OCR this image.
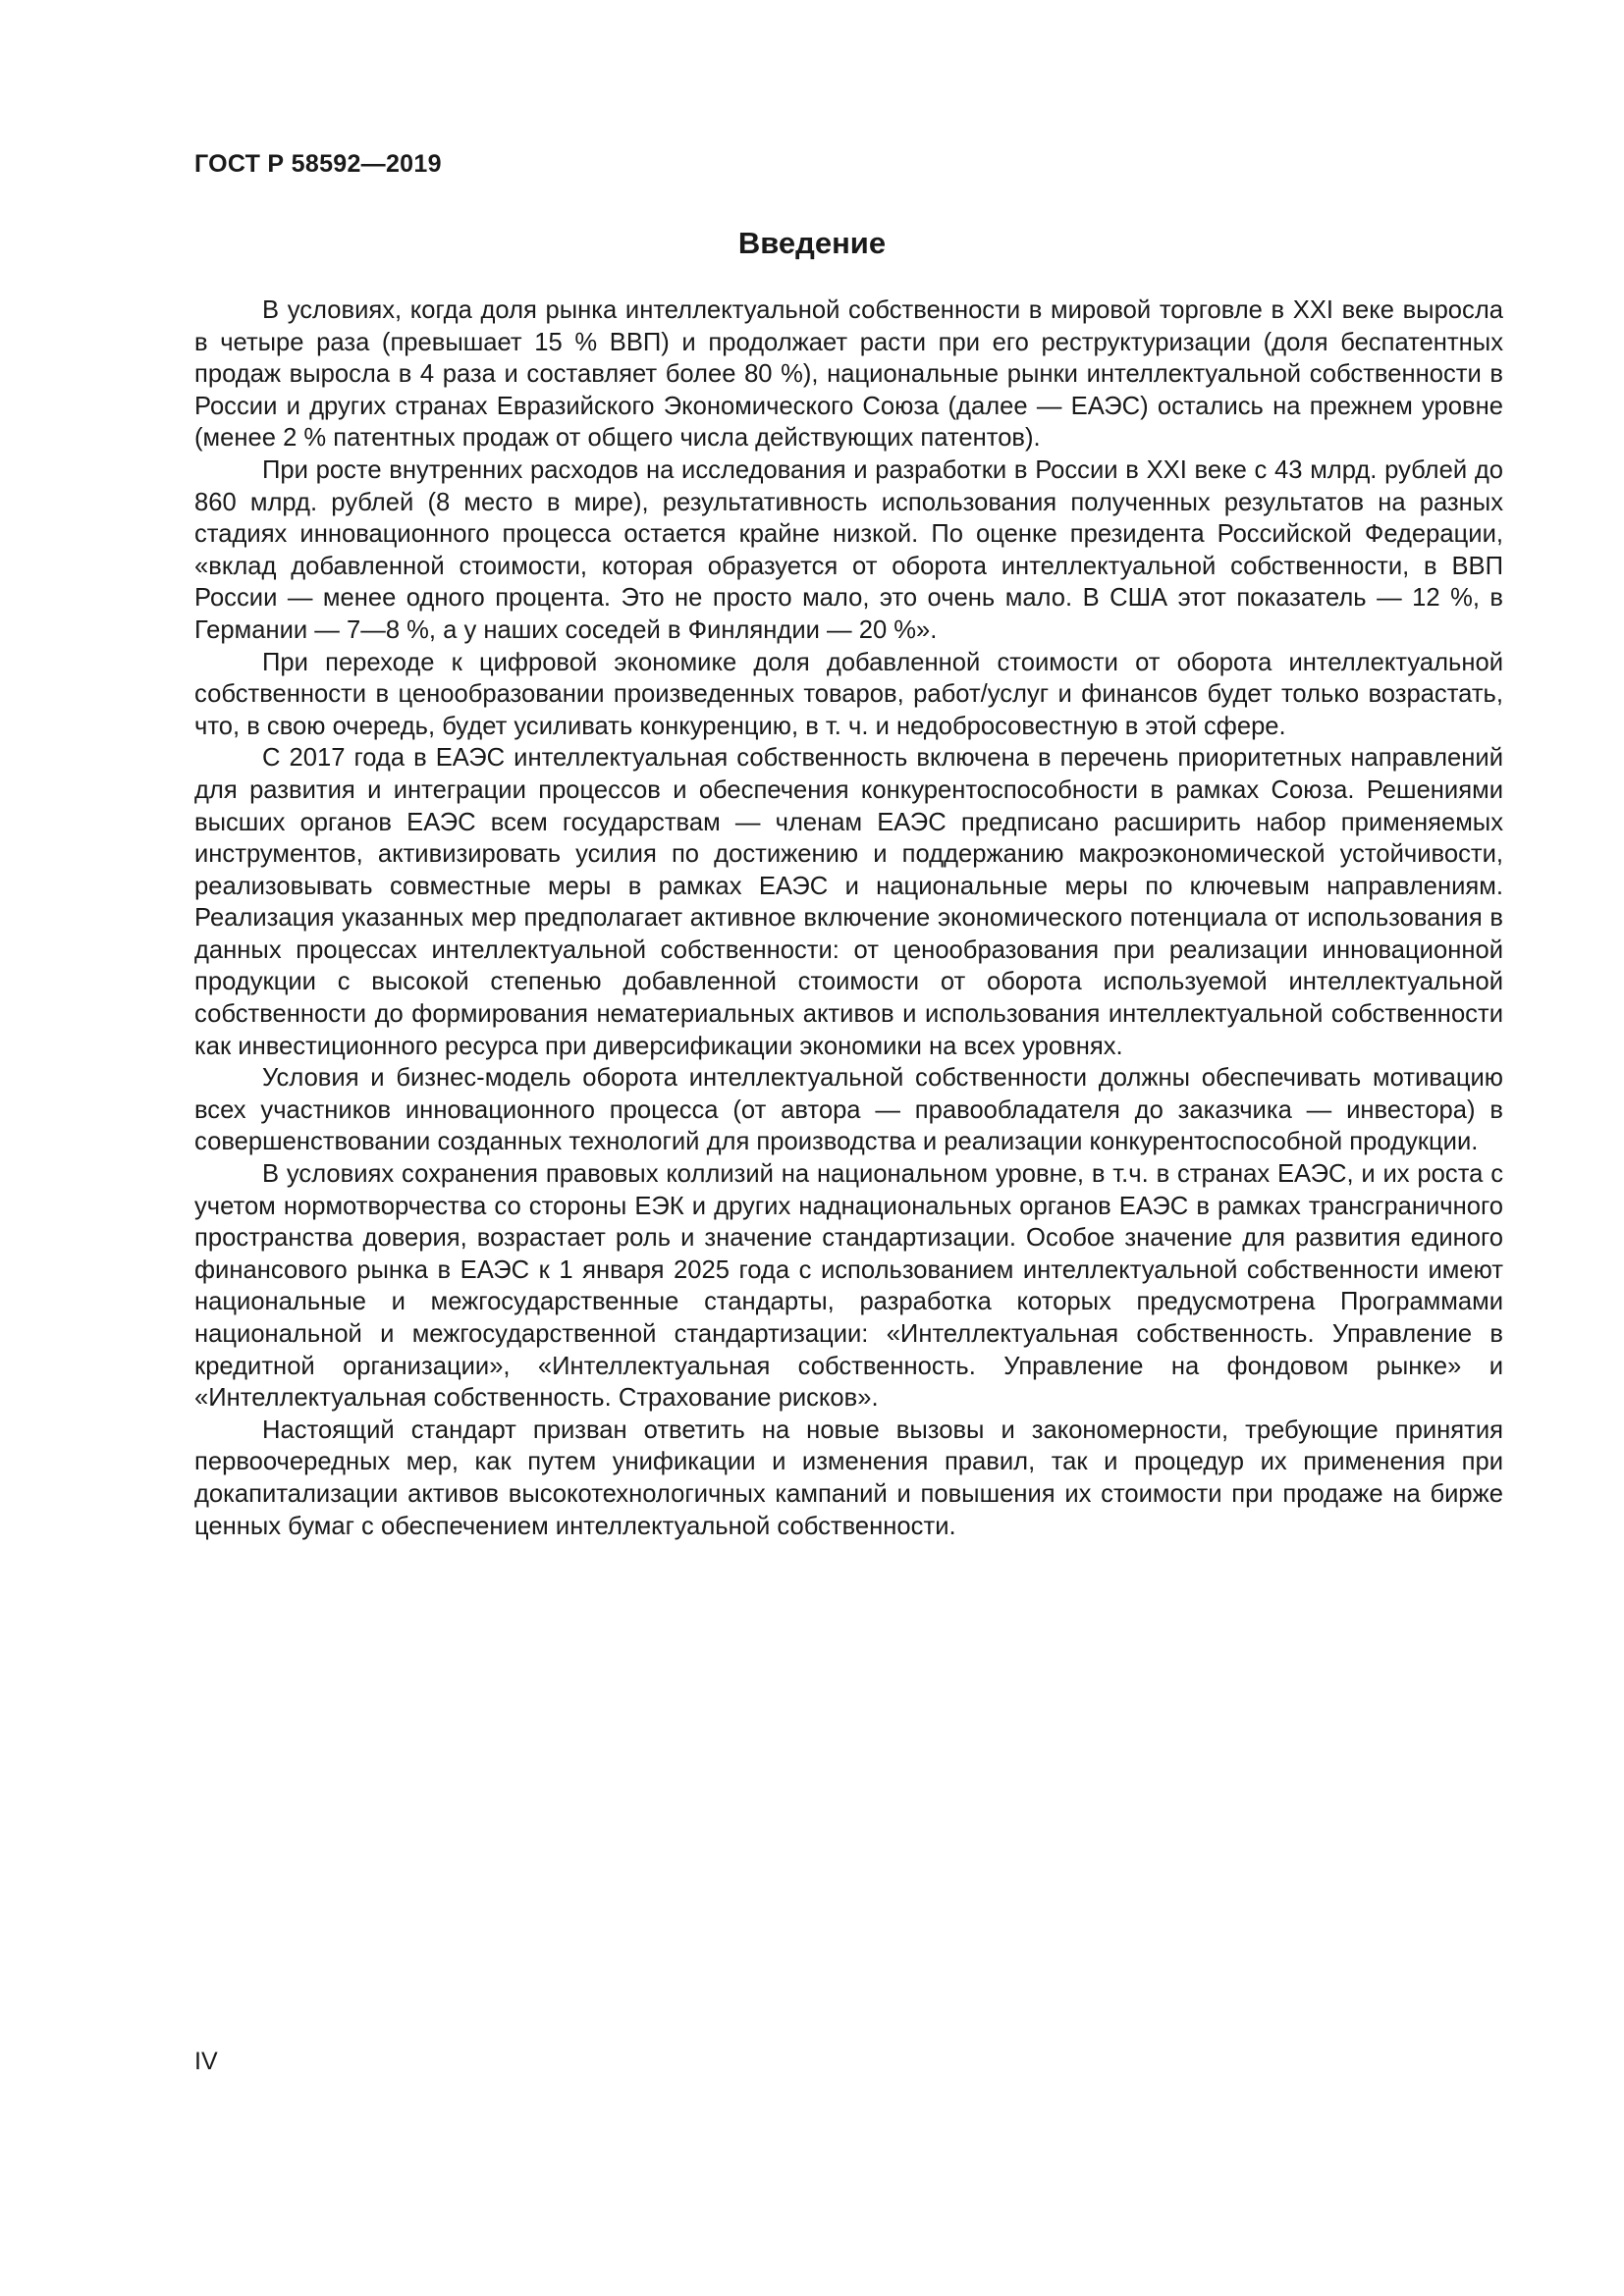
ГОСТ Р 58592—2019
Введение

В условиях, когда доля рынка интеллектуальной собственности в мировой торговле в XXI веке выросла в четыре раза (превышает 15 % ВВП) и продолжает расти при его реструктуризации (доля беспатентных продаж выросла в 4 раза и составляет более 80 %), национальные рынки интеллектуальной собственности в России и других странах Евразийского Экономического Союза (далее — ЕАЭС) остались на прежнем уровне (менее 2 % патентных продаж от общего числа действующих патентов).

При росте внутренних расходов на исследования и разработки в России в XXI веке с 43 млрд. рублей до 860 млрд. рублей (8 место в мире), результативность использования полученных результатов на разных стадиях инновационного процесса остается крайне низкой. По оценке президента Российской Федерации, «вклад добавленной стоимости, которая образуется от оборота интеллектуальной собственности, в ВВП России — менее одного процента. Это не просто мало, это очень мало. В США этот показатель — 12 %, в Германии — 7—8 %, а у наших соседей в Финляндии — 20 %».

При переходе к цифровой экономике доля добавленной стоимости от оборота интеллектуальной собственности в ценообразовании произведенных товаров, работ/услуг и финансов будет только возрастать, что, в свою очередь, будет усиливать конкуренцию, в т. ч. и недобросовестную в этой сфере.

С 2017 года в ЕАЭС интеллектуальная собственность включена в перечень приоритетных направлений для развития и интеграции процессов и обеспечения конкурентоспособности в рамках Союза. Решениями высших органов ЕАЭС всем государствам — членам ЕАЭС предписано расширить набор применяемых инструментов, активизировать усилия по достижению и поддержанию макроэкономической устойчивости, реализовывать совместные меры в рамках ЕАЭС и национальные меры по ключевым направлениям. Реализация указанных мер предполагает активное включение экономического потенциала от использования в данных процессах интеллектуальной собственности: от ценообразования при реализации инновационной продукции с высокой степенью добавленной стоимости от оборота используемой интеллектуальной собственности до формирования нематериальных активов и использования интеллектуальной собственности как инвестиционного ресурса при диверсификации экономики на всех уровнях.

Условия и бизнес-модель оборота интеллектуальной собственности должны обеспечивать мотивацию всех участников инновационного процесса (от автора — правообладателя до заказчика — инвестора) в совершенствовании созданных технологий для производства и реализации конкурентоспособной продукции.

В условиях сохранения правовых коллизий на национальном уровне, в т.ч. в странах ЕАЭС, и их роста с учетом нормотворчества со стороны ЕЭК и других наднациональных органов ЕАЭС в рамках трансграничного пространства доверия, возрастает роль и значение стандартизации. Особое значение для развития единого финансового рынка в ЕАЭС к 1 января 2025 года с использованием интеллектуальной собственности имеют национальные и межгосударственные стандарты, разработка которых предусмотрена Программами национальной и межгосударственной стандартизации: «Интеллектуальная собственность. Управление в кредитной организации», «Интеллектуальная собственность. Управление на фондовом рынке» и «Интеллектуальная собственность. Страхование рисков».

Настоящий стандарт призван ответить на новые вызовы и закономерности, требующие принятия первоочередных мер, как путем унификации и изменения правил, так и процедур их применения при докапитализации активов высокотехнологичных кампаний и повышения их стоимости при продаже на бирже ценных бумаг с обеспечением интеллектуальной собственности.

IV
